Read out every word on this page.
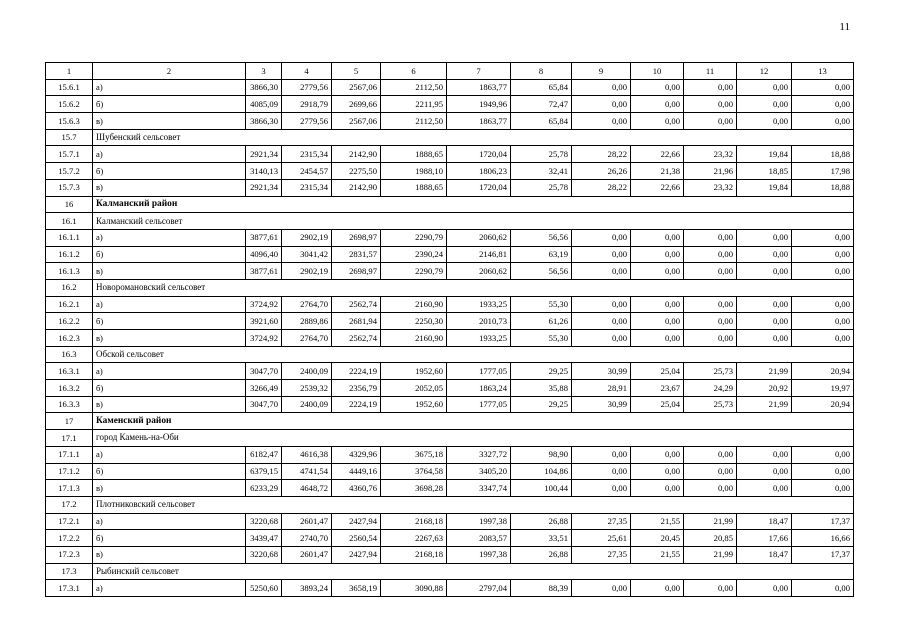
11
1	2	3	4	5	6	7	8	9	10	11	12	13
15.6.1	а)	3866,30	2779,56	2567,06	2112,50	1863,77	65,84	0,00	0,00	0,00	0,00	0,00
15.6.2	б)	4085,09	2918,79	2699,66	2211,95	1949,96	72,47	0,00	0,00	0,00	0,00	0,00
15.6.3	в)	3866,30	2779,56	2567,06	2112,50	1863,77	65,84	0,00	0,00	0,00	0,00	0,00
15.7	Шубенский сельсовет											
15.7.1	а)	2921,34	2315,34	2142,90	1888,65	1720,04	25,78	28,22	22,66	23,32	19,84	18,88
15.7.2	б)	3140,13	2454,57	2275,50	1988,10	1806,23	32,41	26,26	21,38	21,96	18,85	17,98
15.7.3	в)	2921,34	2315,34	2142,90	1888,65	1720,04	25,78	28,22	22,66	23,32	19,84	18,88
16	Калманский район											
16.1	Калманский сельсовет											
16.1.1	а)	3877,61	2902,19	2698,97	2290,79	2060,62	56,56	0,00	0,00	0,00	0,00	0,00
16.1.2	б)	4096,40	3041,42	2831,57	2390,24	2146,81	63,19	0,00	0,00	0,00	0,00	0,00
16.1.3	в)	3877,61	2902,19	2698,97	2290,79	2060,62	56,56	0,00	0,00	0,00	0,00	0,00
16.2	Новоромановский сельсовет											
16.2.1	а)	3724,92	2764,70	2562,74	2160,90	1933,25	55,30	0,00	0,00	0,00	0,00	0,00
16.2.2	б)	3921,60	2889,86	2681,94	2250,30	2010,73	61,26	0,00	0,00	0,00	0,00	0,00
16.2.3	в)	3724,92	2764,70	2562,74	2160,90	1933,25	55,30	0,00	0,00	0,00	0,00	0,00
16.3	Обской сельсовет											
16.3.1	а)	3047,70	2400,09	2224,19	1952,60	1777,05	29,25	30,99	25,04	25,73	21,99	20,94
16.3.2	б)	3266,49	2539,32	2356,79	2052,05	1863,24	35,88	28,91	23,67	24,29	20,92	19,97
16.3.3	в)	3047,70	2400,09	2224,19	1952,60	1777,05	29,25	30,99	25,04	25,73	21,99	20,94
17	Каменский район											
17.1	город Камень-на-Оби											
17.1.1	а)	6182,47	4616,38	4329,96	3675,18	3327,72	98,90	0,00	0,00	0,00	0,00	0,00
17.1.2	б)	6379,15	4741,54	4449,16	3764,58	3405,20	104,86	0,00	0,00	0,00	0,00	0,00
17.1.3	в)	6233,29	4648,72	4360,76	3698,28	3347,74	100,44	0,00	0,00	0,00	0,00	0,00
17.2	Плотниковский сельсовет											
17.2.1	а)	3220,68	2601,47	2427,94	2168,18	1997,38	26,88	27,35	21,55	21,99	18,47	17,37
17.2.2	б)	3439,47	2740,70	2560,54	2267,63	2083,57	33,51	25,61	20,45	20,85	17,66	16,66
17.2.3	в)	3220,68	2601,47	2427,94	2168,18	1997,38	26,88	27,35	21,55	21,99	18,47	17,37
17.3	Рыбинский сельсовет											
17.3.1	а)	5250,60	3893,24	3658,19	3090,88	2797,04	88,39	0,00	0,00	0,00	0,00	0,00
